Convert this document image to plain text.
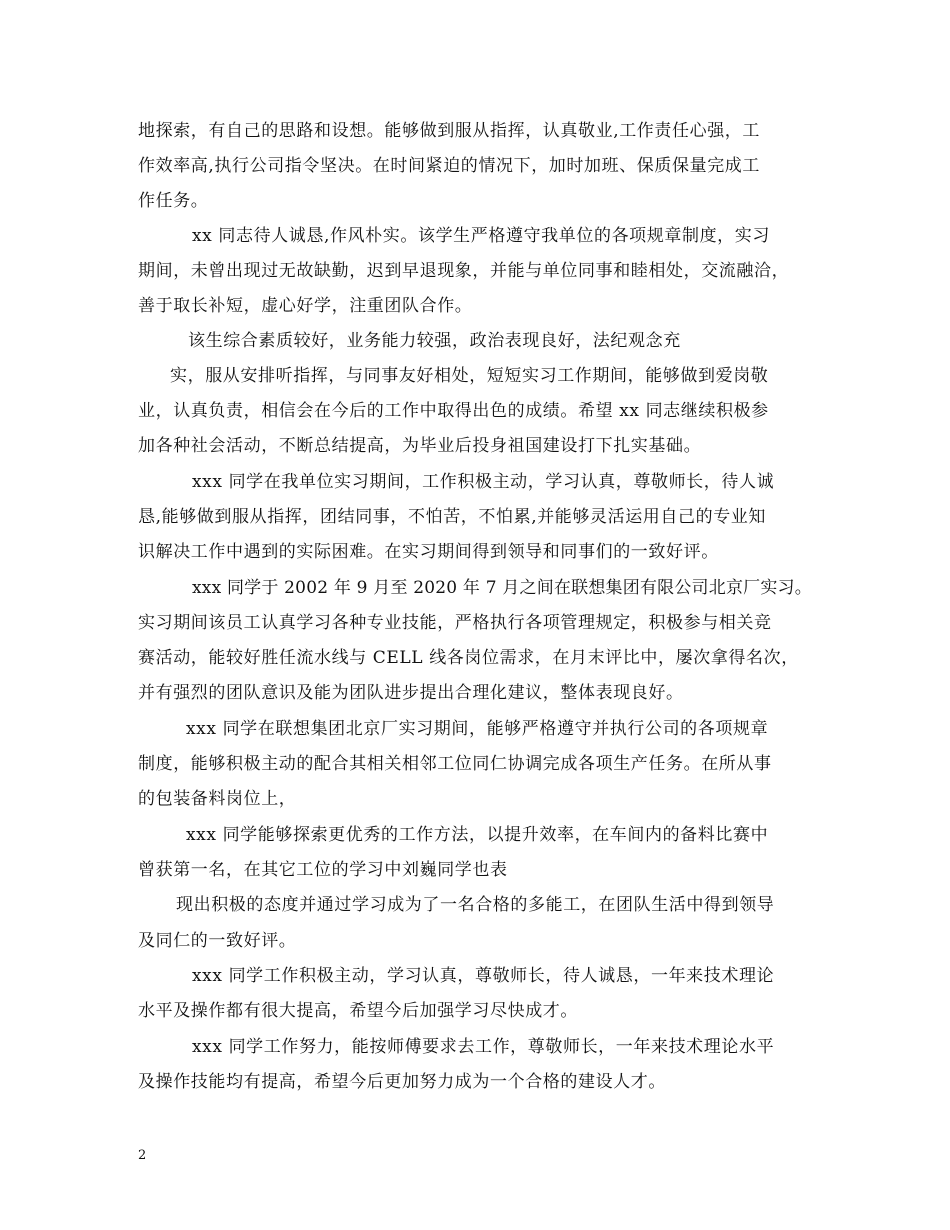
地探索，有自己的思路和设想。能够做到服从指挥，认真敬业,工作责任心强，工
作效率高,执行公司指令坚决。在时间紧迫的情况下，加时加班、保质保量完成工
作任务。
xx 同志待人诚恳,作风朴实。该学生严格遵守我单位的各项规章制度，实习
期间，未曾出现过无故缺勤，迟到早退现象，并能与单位同事和睦相处，交流融洽，
善于取长补短，虚心好学，注重团队合作。
该生综合素质较好，业务能力较强，政治表现良好，法纪观念充
实，服从安排听指挥，与同事友好相处，短短实习工作期间，能够做到爱岗敬
业，认真负责，相信会在今后的工作中取得出色的成绩。希望 xx 同志继续积极参
加各种社会活动，不断总结提高，为毕业后投身祖国建设打下扎实基础。
xxx 同学在我单位实习期间，工作积极主动，学习认真，尊敬师长，待人诚
恳,能够做到服从指挥，团结同事，不怕苦，不怕累,并能够灵活运用自己的专业知
识解决工作中遇到的实际困难。在实习期间得到领导和同事们的一致好评。
xxx 同学于 2002 年 9 月至 2020 年 7 月之间在联想集团有限公司北京厂实习。
实习期间该员工认真学习各种专业技能，严格执行各项管理规定，积极参与相关竞
赛活动，能较好胜任流水线与 CELL 线各岗位需求，在月末评比中，屡次拿得名次，
并有强烈的团队意识及能为团队进步提出合理化建议，整体表现良好。
xxx 同学在联想集团北京厂实习期间，能够严格遵守并执行公司的各项规章
制度，能够积极主动的配合其相关相邻工位同仁协调完成各项生产任务。在所从事
的包装备料岗位上，
xxx 同学能够探索更优秀的工作方法，以提升效率，在车间内的备料比赛中
曾获第一名，在其它工位的学习中刘巍同学也表
现出积极的态度并通过学习成为了一名合格的多能工，在团队生活中得到领导
及同仁的一致好评。
xxx 同学工作积极主动，学习认真，尊敬师长，待人诚恳，一年来技术理论
水平及操作都有很大提高，希望今后加强学习尽快成才。
xxx 同学工作努力，能按师傅要求去工作，尊敬师长，一年来技术理论水平
及操作技能均有提高，希望今后更加努力成为一个合格的建设人才。
2
